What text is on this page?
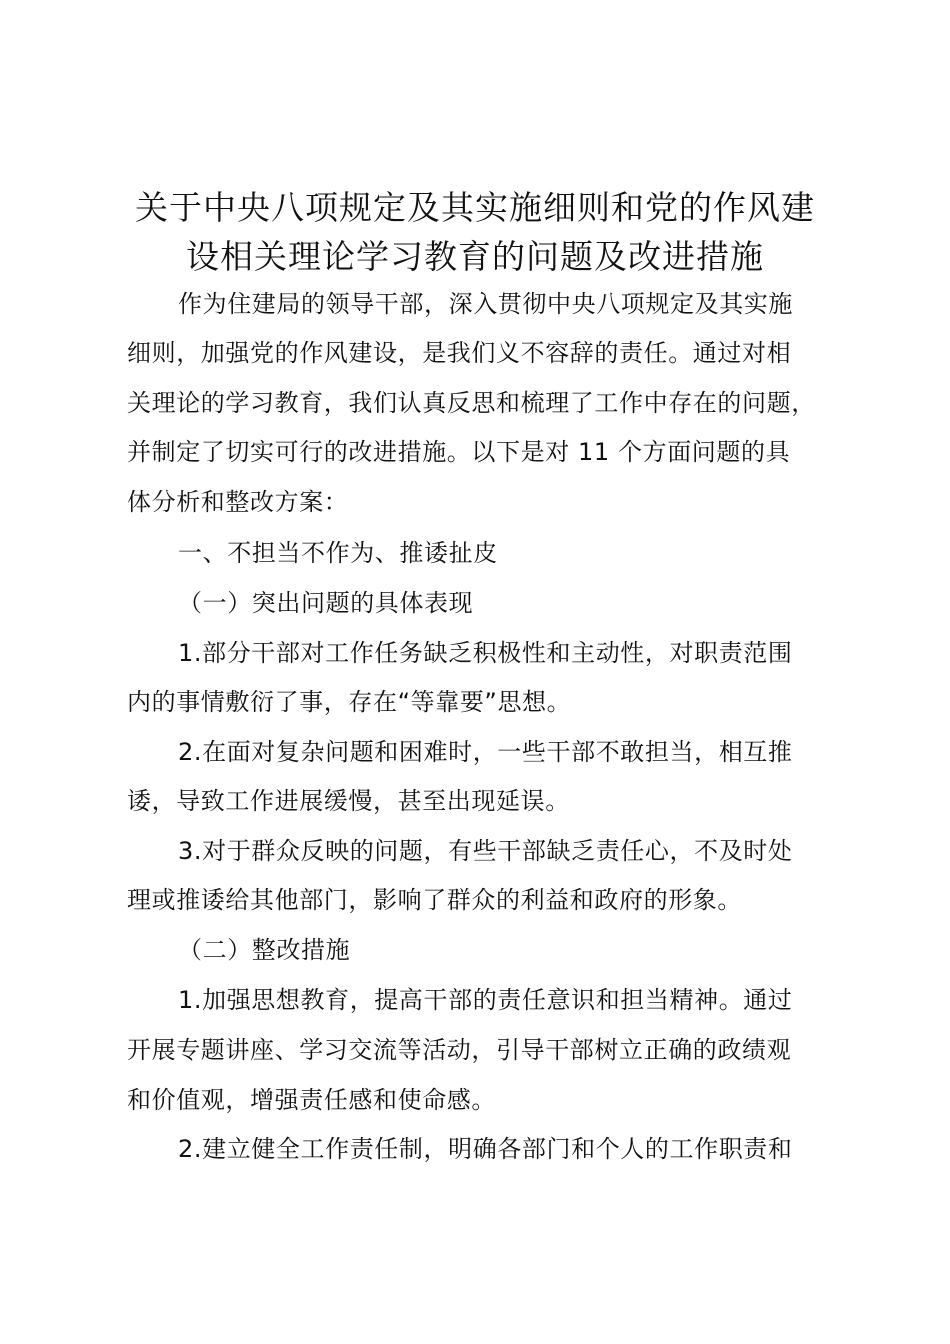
关于中央八项规定及其实施细则和党的作风建
设相关理论学习教育的问题及改进措施
作为住建局的领导干部，深入贯彻中央八项规定及其实施
细则，加强党的作风建设，是我们义不容辞的责任。通过对相
关理论的学习教育，我们认真反思和梳理了工作中存在的问题，
并制定了切实可行的改进措施。以下是对 11 个方面问题的具
体分析和整改方案：
一、不担当不作为、推诿扯皮
（一）突出问题的具体表现
1.部分干部对工作任务缺乏积极性和主动性，对职责范围
内的事情敷衍了事，存在“等靠要”思想。
2.在面对复杂问题和困难时，一些干部不敢担当，相互推
诿，导致工作进展缓慢，甚至出现延误。
3.对于群众反映的问题，有些干部缺乏责任心，不及时处
理或推诿给其他部门，影响了群众的利益和政府的形象。
（二）整改措施
1.加强思想教育，提高干部的责任意识和担当精神。通过
开展专题讲座、学习交流等活动，引导干部树立正确的政绩观
和价值观，增强责任感和使命感。
2.建立健全工作责任制，明确各部门和个人的工作职责和
